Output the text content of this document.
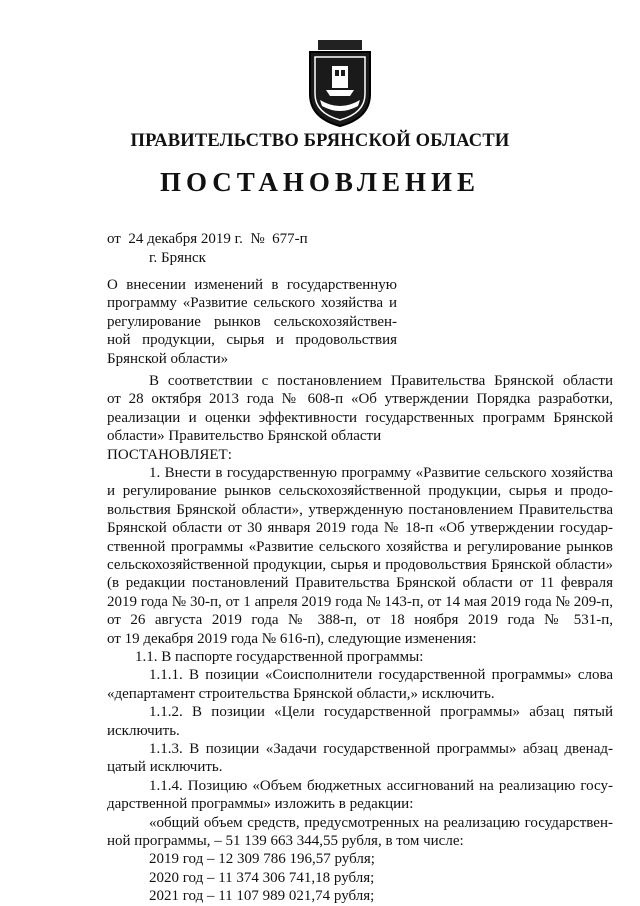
ПРАВИТЕЛЬСТВО БРЯНСКОЙ ОБЛАСТИ
ПОСТАНОВЛЕНИЕ
от  24 декабря 2019 г.  №  677-п
г. Брянск
О внесении изменений в государственную программу «Развитие сельского хозяйства и регулирование рынков сельскохозяйствен-ной продукции, сырья и продовольствия Брянской области»

В соответствии с постановлением Правительства Брянской области

от 28 октября 2013 года № 608-п «Об утверждении Порядка разработки,

реализации и оценки эффективности государственных программ Брянской

области» Правительство Брянской области

ПОСТАНОВЛЯЕТ:

1. Внести в государственную программу «Развитие сельского хозяйства

и регулирование рынков сельскохозяйственной продукции, сырья и продо-

вольствия Брянской области», утвержденную постановлением Правительства

Брянской области от 30 января 2019 года № 18-п «Об утверждении государ-

ственной программы «Развитие сельского хозяйства и регулирование рынков

сельскохозяйственной продукции, сырья и продовольствия Брянской области»

(в редакции постановлений Правительства Брянской области от 11 февраля

2019 года № 30-п, от 1 апреля 2019 года № 143-п, от 14 мая 2019 года № 209-п,

от 26 августа 2019 года № 388-п, от 18 ноября 2019 года № 531-п,

от 19 декабря 2019 года № 616-п), следующие изменения:

1.1. В паспорте государственной программы:

1.1.1. В позиции «Соисполнители государственной программы» слова

«департамент строительства Брянской области,» исключить.

1.1.2. В позиции «Цели государственной программы» абзац пятый

исключить.

1.1.3. В позиции «Задачи государственной программы» абзац двенад-

цатый исключить.

1.1.4. Позицию «Объем бюджетных ассигнований на реализацию госу-

дарственной программы» изложить в редакции:

«общий объем средств, предусмотренных на реализацию государствен-

ной программы, – 51 139 663 344,55 рубля, в том числе:

2019 год – 12 309 786 196,57 рубля;

2020 год – 11 374 306 741,18 рубля;

2021 год – 11 107 989 021,74 рубля;
